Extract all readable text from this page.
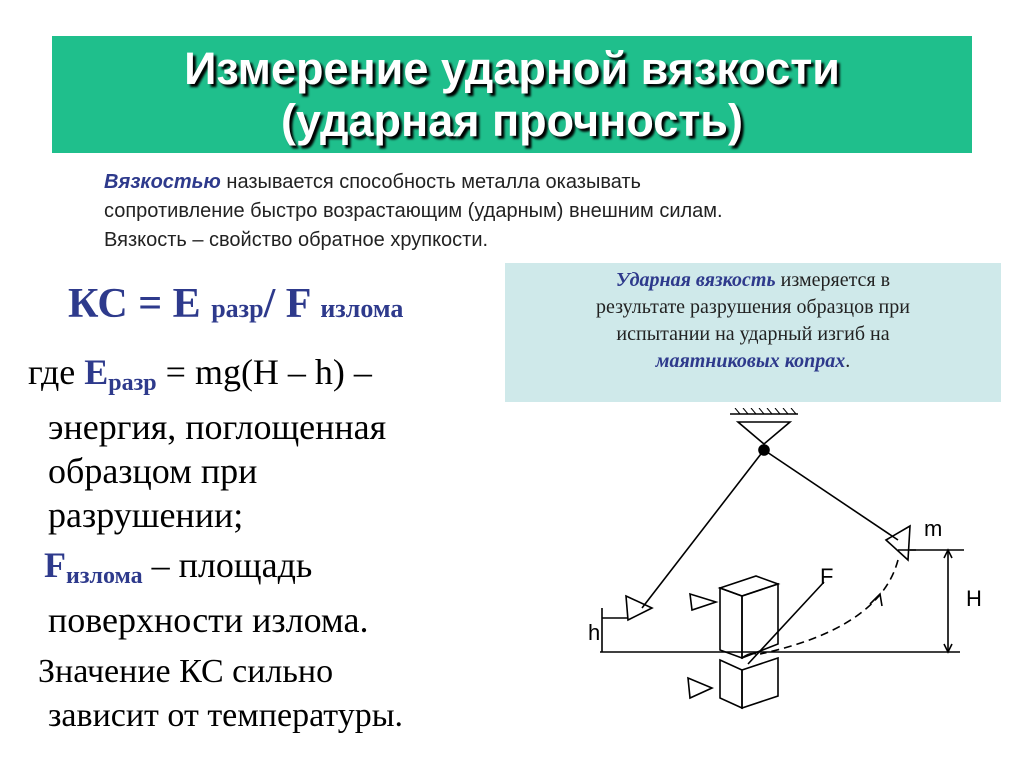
Измерение ударной вязкости
(ударная прочность)
Вязкостью называется способность металла оказывать
сопротивление быстро возрастающим (ударным) внешним силам.
Вязкость – свойство обратное хрупкости.
КС = Е разр/ F излома
где Еразр = mg(H – h) –
энергия, поглощенная
образцом при
разрушении;
Fизлома – площадь
поверхности излома.
Значение КС сильно
зависит от температуры.
Ударная вязкость измеряется в
результате разрушения образцов при
испытании на ударный изгиб на
маятниковых копрах.
m
F
H
h
